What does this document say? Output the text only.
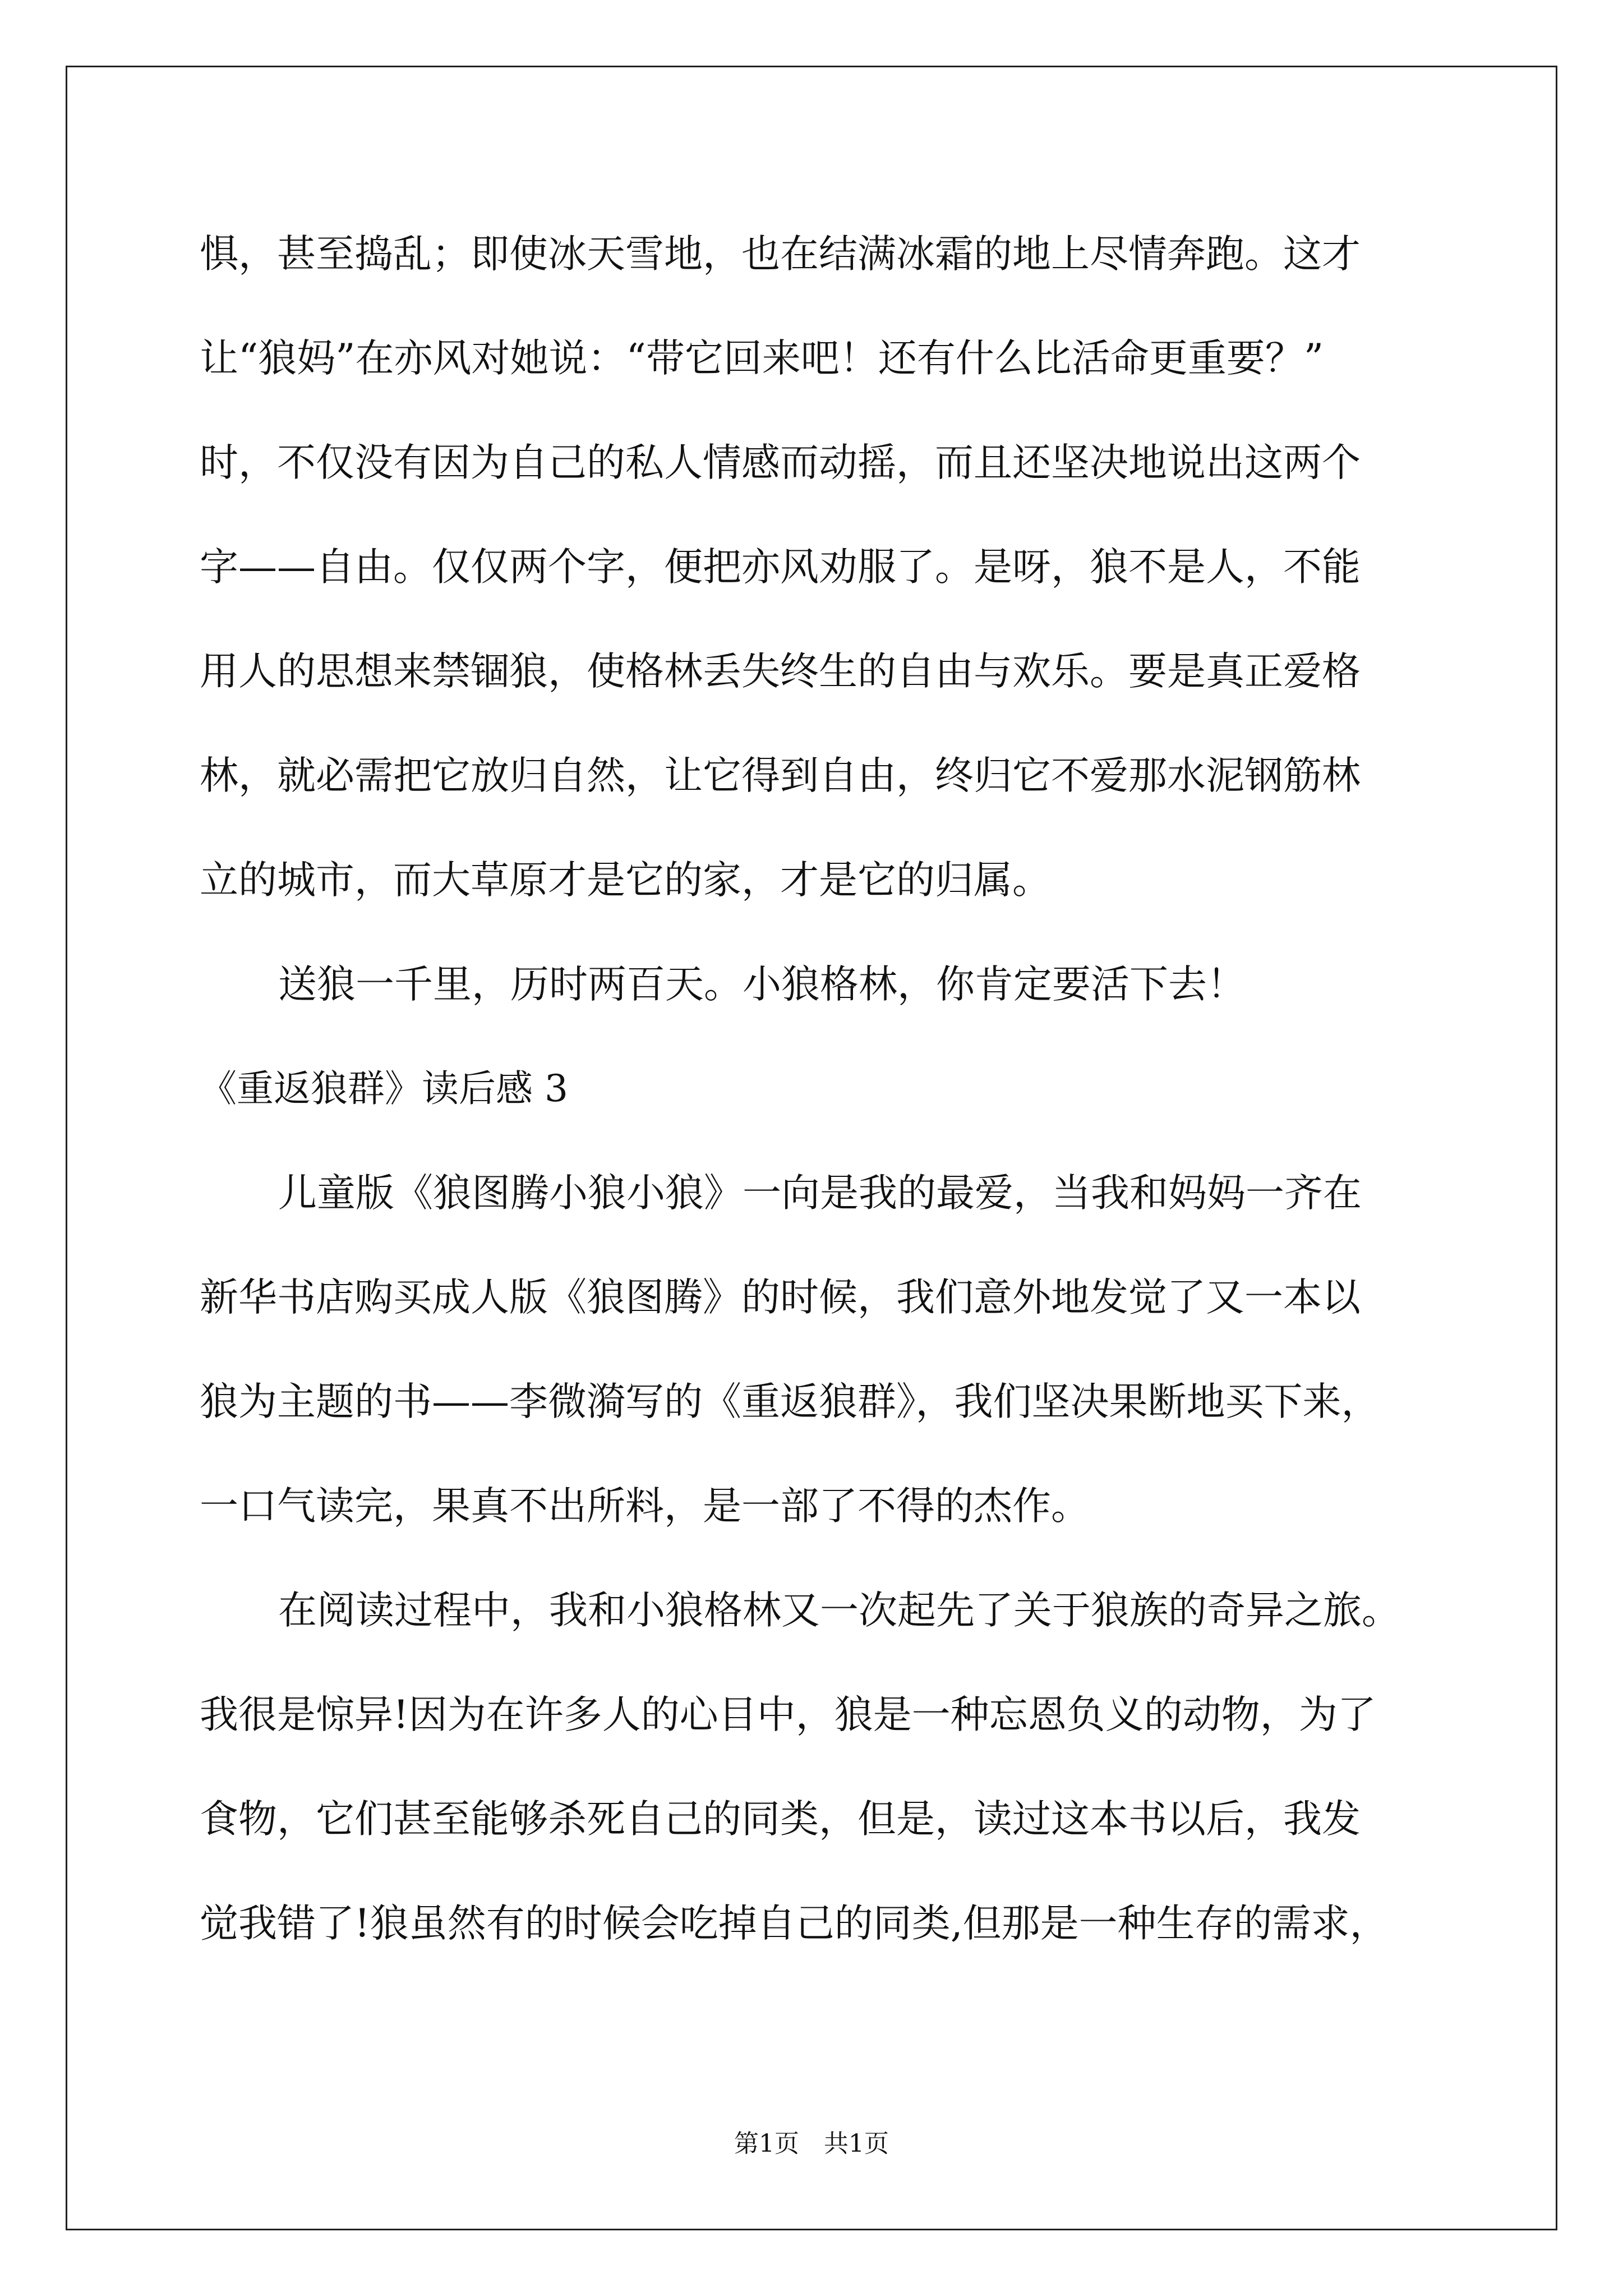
惧，甚至捣乱；即使冰天雪地，也在结满冰霜的地上尽情奔跑。这才
让“狼妈”在亦风对她说：“带它回来吧！还有什么比活命更重要？”
时，不仅没有因为自己的私人情感而动摇，而且还坚决地说出这两个
字——自由。仅仅两个字，便把亦风劝服了。是呀，狼不是人，不能
用人的思想来禁锢狼，使格林丢失终生的自由与欢乐。要是真正爱格
林，就必需把它放归自然，让它得到自由，终归它不爱那水泥钢筋林
立的城市，而大草原才是它的家，才是它的归属。
送狼一千里，历时两百天。小狼格林，你肯定要活下去！
《重返狼群》读后感 3
儿童版《狼图腾小狼小狼》一向是我的最爱，当我和妈妈一齐在
新华书店购买成人版《狼图腾》的时候，我们意外地发觉了又一本以
狼为主题的书——李微漪写的《重返狼群》，我们坚决果断地买下来，
一口气读完，果真不出所料，是一部了不得的杰作。
在阅读过程中，我和小狼格林又一次起先了关于狼族的奇异之旅。
我很是惊异!因为在许多人的心目中，狼是一种忘恩负义的动物，为了
食物，它们甚至能够杀死自己的同类，但是，读过这本书以后，我发
觉我错了!狼虽然有的时候会吃掉自己的同类,但那是一种生存的需求，
第1页　共1页
